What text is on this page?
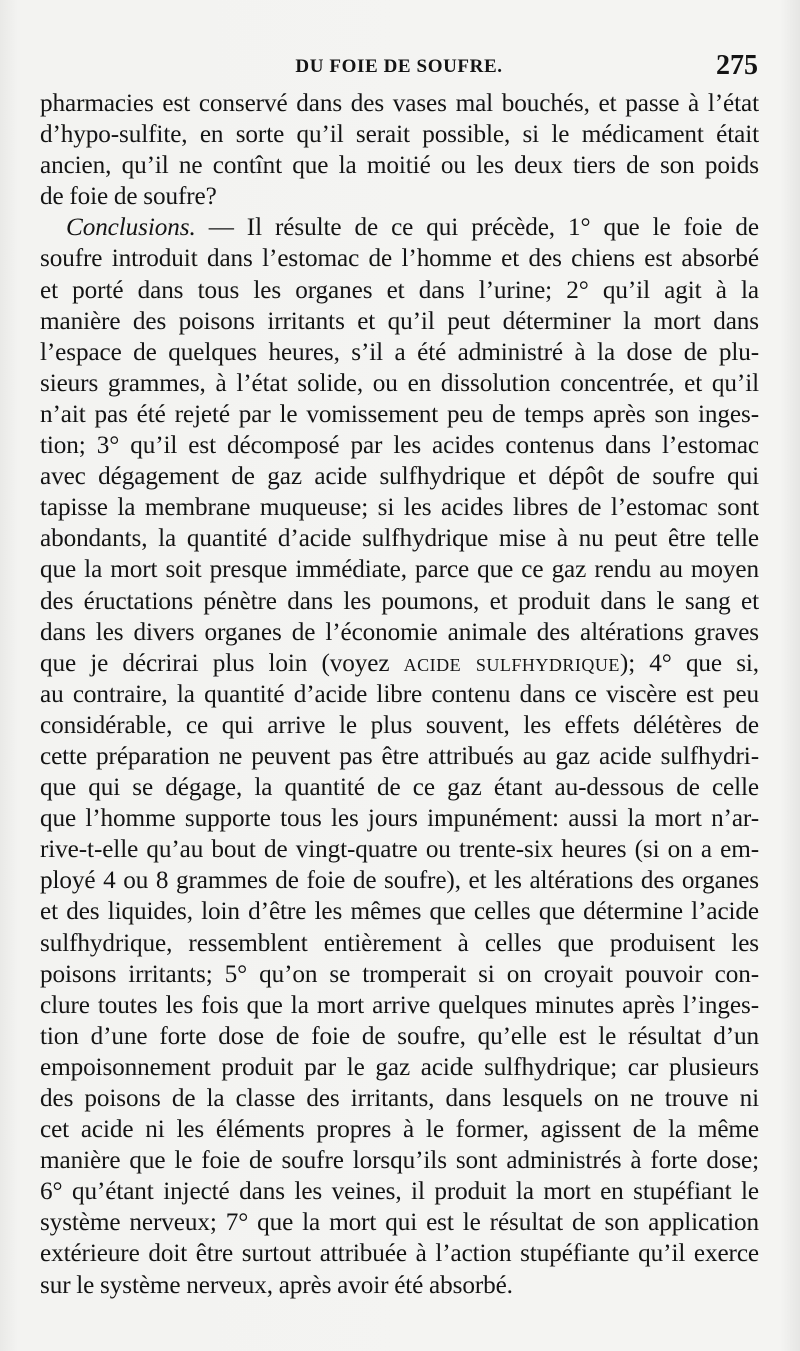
DU FOIE DE SOUFRE.	275
pharmacies est conservé dans des vases mal bouchés, et passe à l’état
d’hypo-sulfite, en sorte qu’il serait possible, si le médicament était
ancien, qu’il ne contînt que la moitié ou les deux tiers de son poids
de foie de soufre?
Conclusions. — Il résulte de ce qui précède, 1° que le foie de
soufre introduit dans l’estomac de l’homme et des chiens est absorbé
et porté dans tous les organes et dans l’urine; 2° qu’il agit à la
manière des poisons irritants et qu’il peut déterminer la mort dans
l’espace de quelques heures, s’il a été administré à la dose de plu-
sieurs grammes, à l’état solide, ou en dissolution concentrée, et qu’il
n’ait pas été rejeté par le vomissement peu de temps après son inges-
tion; 3° qu’il est décomposé par les acides contenus dans l’estomac
avec dégagement de gaz acide sulfhydrique et dépôt de soufre qui
tapisse la membrane muqueuse; si les acides libres de l’estomac sont
abondants, la quantité d’acide sulfhydrique mise à nu peut être telle
que la mort soit presque immédiate, parce que ce gaz rendu au moyen
des éructations pénètre dans les poumons, et produit dans le sang et
dans les divers organes de l’économie animale des altérations graves
que je décrirai plus loin (voyez acide sulfhydrique); 4° que si,
au contraire, la quantité d’acide libre contenu dans ce viscère est peu
considérable, ce qui arrive le plus souvent, les effets délétères de
cette préparation ne peuvent pas être attribués au gaz acide sulfhydri-
que qui se dégage, la quantité de ce gaz étant au-dessous de celle
que l’homme supporte tous les jours impunément: aussi la mort n’ar-
rive-t-elle qu’au bout de vingt-quatre ou trente-six heures (si on a em-
ployé 4 ou 8 grammes de foie de soufre), et les altérations des organes
et des liquides, loin d’être les mêmes que celles que détermine l’acide
sulfhydrique, ressemblent entièrement à celles que produisent les
poisons irritants; 5° qu’on se tromperait si on croyait pouvoir con-
clure toutes les fois que la mort arrive quelques minutes après l’inges-
tion d’une forte dose de foie de soufre, qu’elle est le résultat d’un
empoisonnement produit par le gaz acide sulfhydrique; car plusieurs
des poisons de la classe des irritants, dans lesquels on ne trouve ni
cet acide ni les éléments propres à le former, agissent de la même
manière que le foie de soufre lorsqu’ils sont administrés à forte dose;
6° qu’étant injecté dans les veines, il produit la mort en stupéfiant le
système nerveux; 7° que la mort qui est le résultat de son application
extérieure doit être surtout attribuée à l’action stupéfiante qu’il exerce
sur le système nerveux, après avoir été absorbé.
